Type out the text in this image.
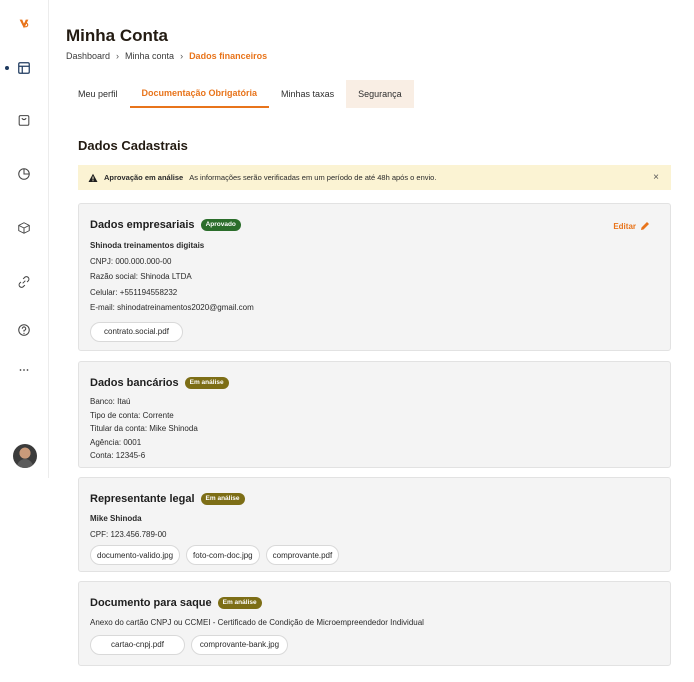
Minha Conta
Dashboard › Minha conta › Dados financeiros
Meu perfil	Documentação Obrigatória	Minhas taxas	Segurança
Dados Cadastrais
Aprovação em análise As informações serão verificadas em um período de até 48h após o envio.	×
Dados empresariais	Aprovado	Editar
Shinoda treinamentos digitais
CNPJ: 000.000.000-00
Razão social: Shinoda LTDA
Celular: +551194558232
E-mail: shinodatreinamentos2020@gmail.com
contrato.social.pdf
Dados bancários	Em análise
Banco: Itaú
Tipo de conta: Corrente
Titular da conta: Mike Shinoda
Agência: 0001
Conta: 12345-6
Representante legal	Em análise
Mike Shinoda
CPF: 123.456.789-00
documento-valido.jpg	foto-com-doc.jpg	comprovante.pdf
Documento para saque	Em análise
Anexo do cartão CNPJ ou CCMEI - Certificado de Condição de Microempreendedor Individual
cartao-cnpj.pdf	comprovante-bank.jpg
